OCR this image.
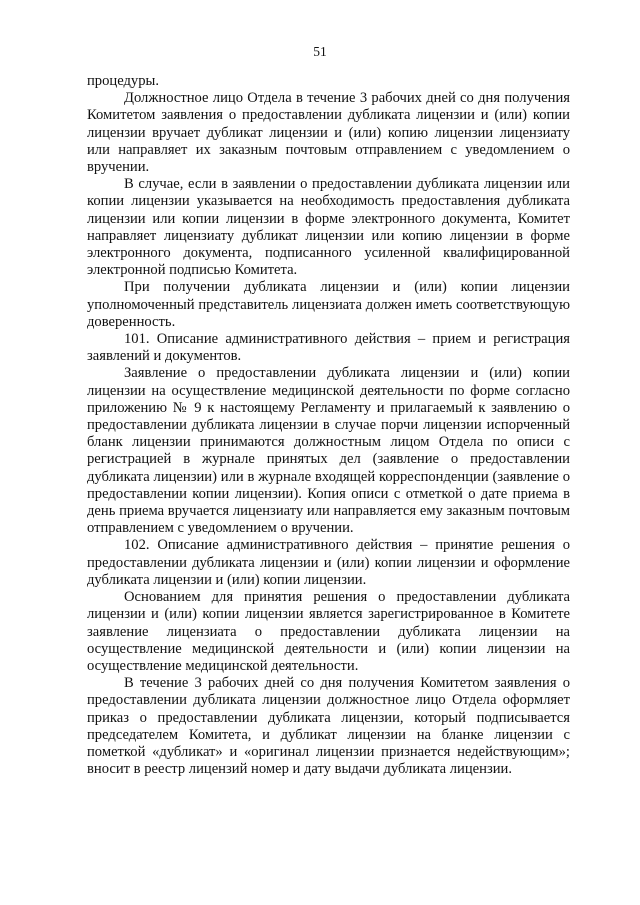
51

процедуры.

Должностное лицо Отдела в течение 3 рабочих дней со дня получения Комитетом заявления о предоставлении дубликата лицензии и (или) копии лицензии вручает дубликат лицензии и (или) копию лицензии лицензиату или направляет их заказным почтовым отправлением с уведомлением о вручении.

В случае, если в заявлении о предоставлении дубликата лицензии или копии лицензии указывается на необходимость предоставления дубликата лицензии или копии лицензии в форме электронного документа, Комитет направляет лицензиату дубликат лицензии или копию лицензии в форме электронного документа, подписанного усиленной квалифицированной электронной подписью Комитета.

При получении дубликата лицензии и (или) копии лицензии уполномоченный представитель лицензиата должен иметь соответствующую доверенность.

101. Описание административного действия – прием и регистрация заявлений и документов.

Заявление о предоставлении дубликата лицензии и (или) копии лицензии на осуществление медицинской деятельности по форме согласно приложению № 9 к настоящему Регламенту и прилагаемый к заявлению о предоставлении дубликата лицензии в случае порчи лицензии испорченный бланк лицензии принимаются должностным лицом Отдела по описи с регистрацией в журнале принятых дел (заявление о предоставлении дубликата лицензии) или в журнале входящей корреспонденции (заявление о предоставлении копии лицензии). Копия описи с отметкой о дате приема в день приема вручается лицензиату или направляется ему заказным почтовым отправлением с уведомлением о вручении.

102. Описание административного действия – принятие решения о предоставлении дубликата лицензии и (или) копии лицензии и оформление дубликата лицензии и (или) копии лицензии.

Основанием для принятия решения о предоставлении дубликата лицензии и (или) копии лицензии является зарегистрированное в Комитете заявление лицензиата о предоставлении дубликата лицензии на осуществление медицинской деятельности и (или) копии лицензии на осуществление медицинской деятельности.

В течение 3 рабочих дней со дня получения Комитетом заявления о предоставлении дубликата лицензии должностное лицо Отдела оформляет приказ о предоставлении дубликата лицензии, который подписывается председателем Комитета, и дубликат лицензии на бланке лицензии с пометкой «дубликат» и «оригинал лицензии признается недействующим»; вносит в реестр лицензий номер и дату выдачи дубликата лицензии.
